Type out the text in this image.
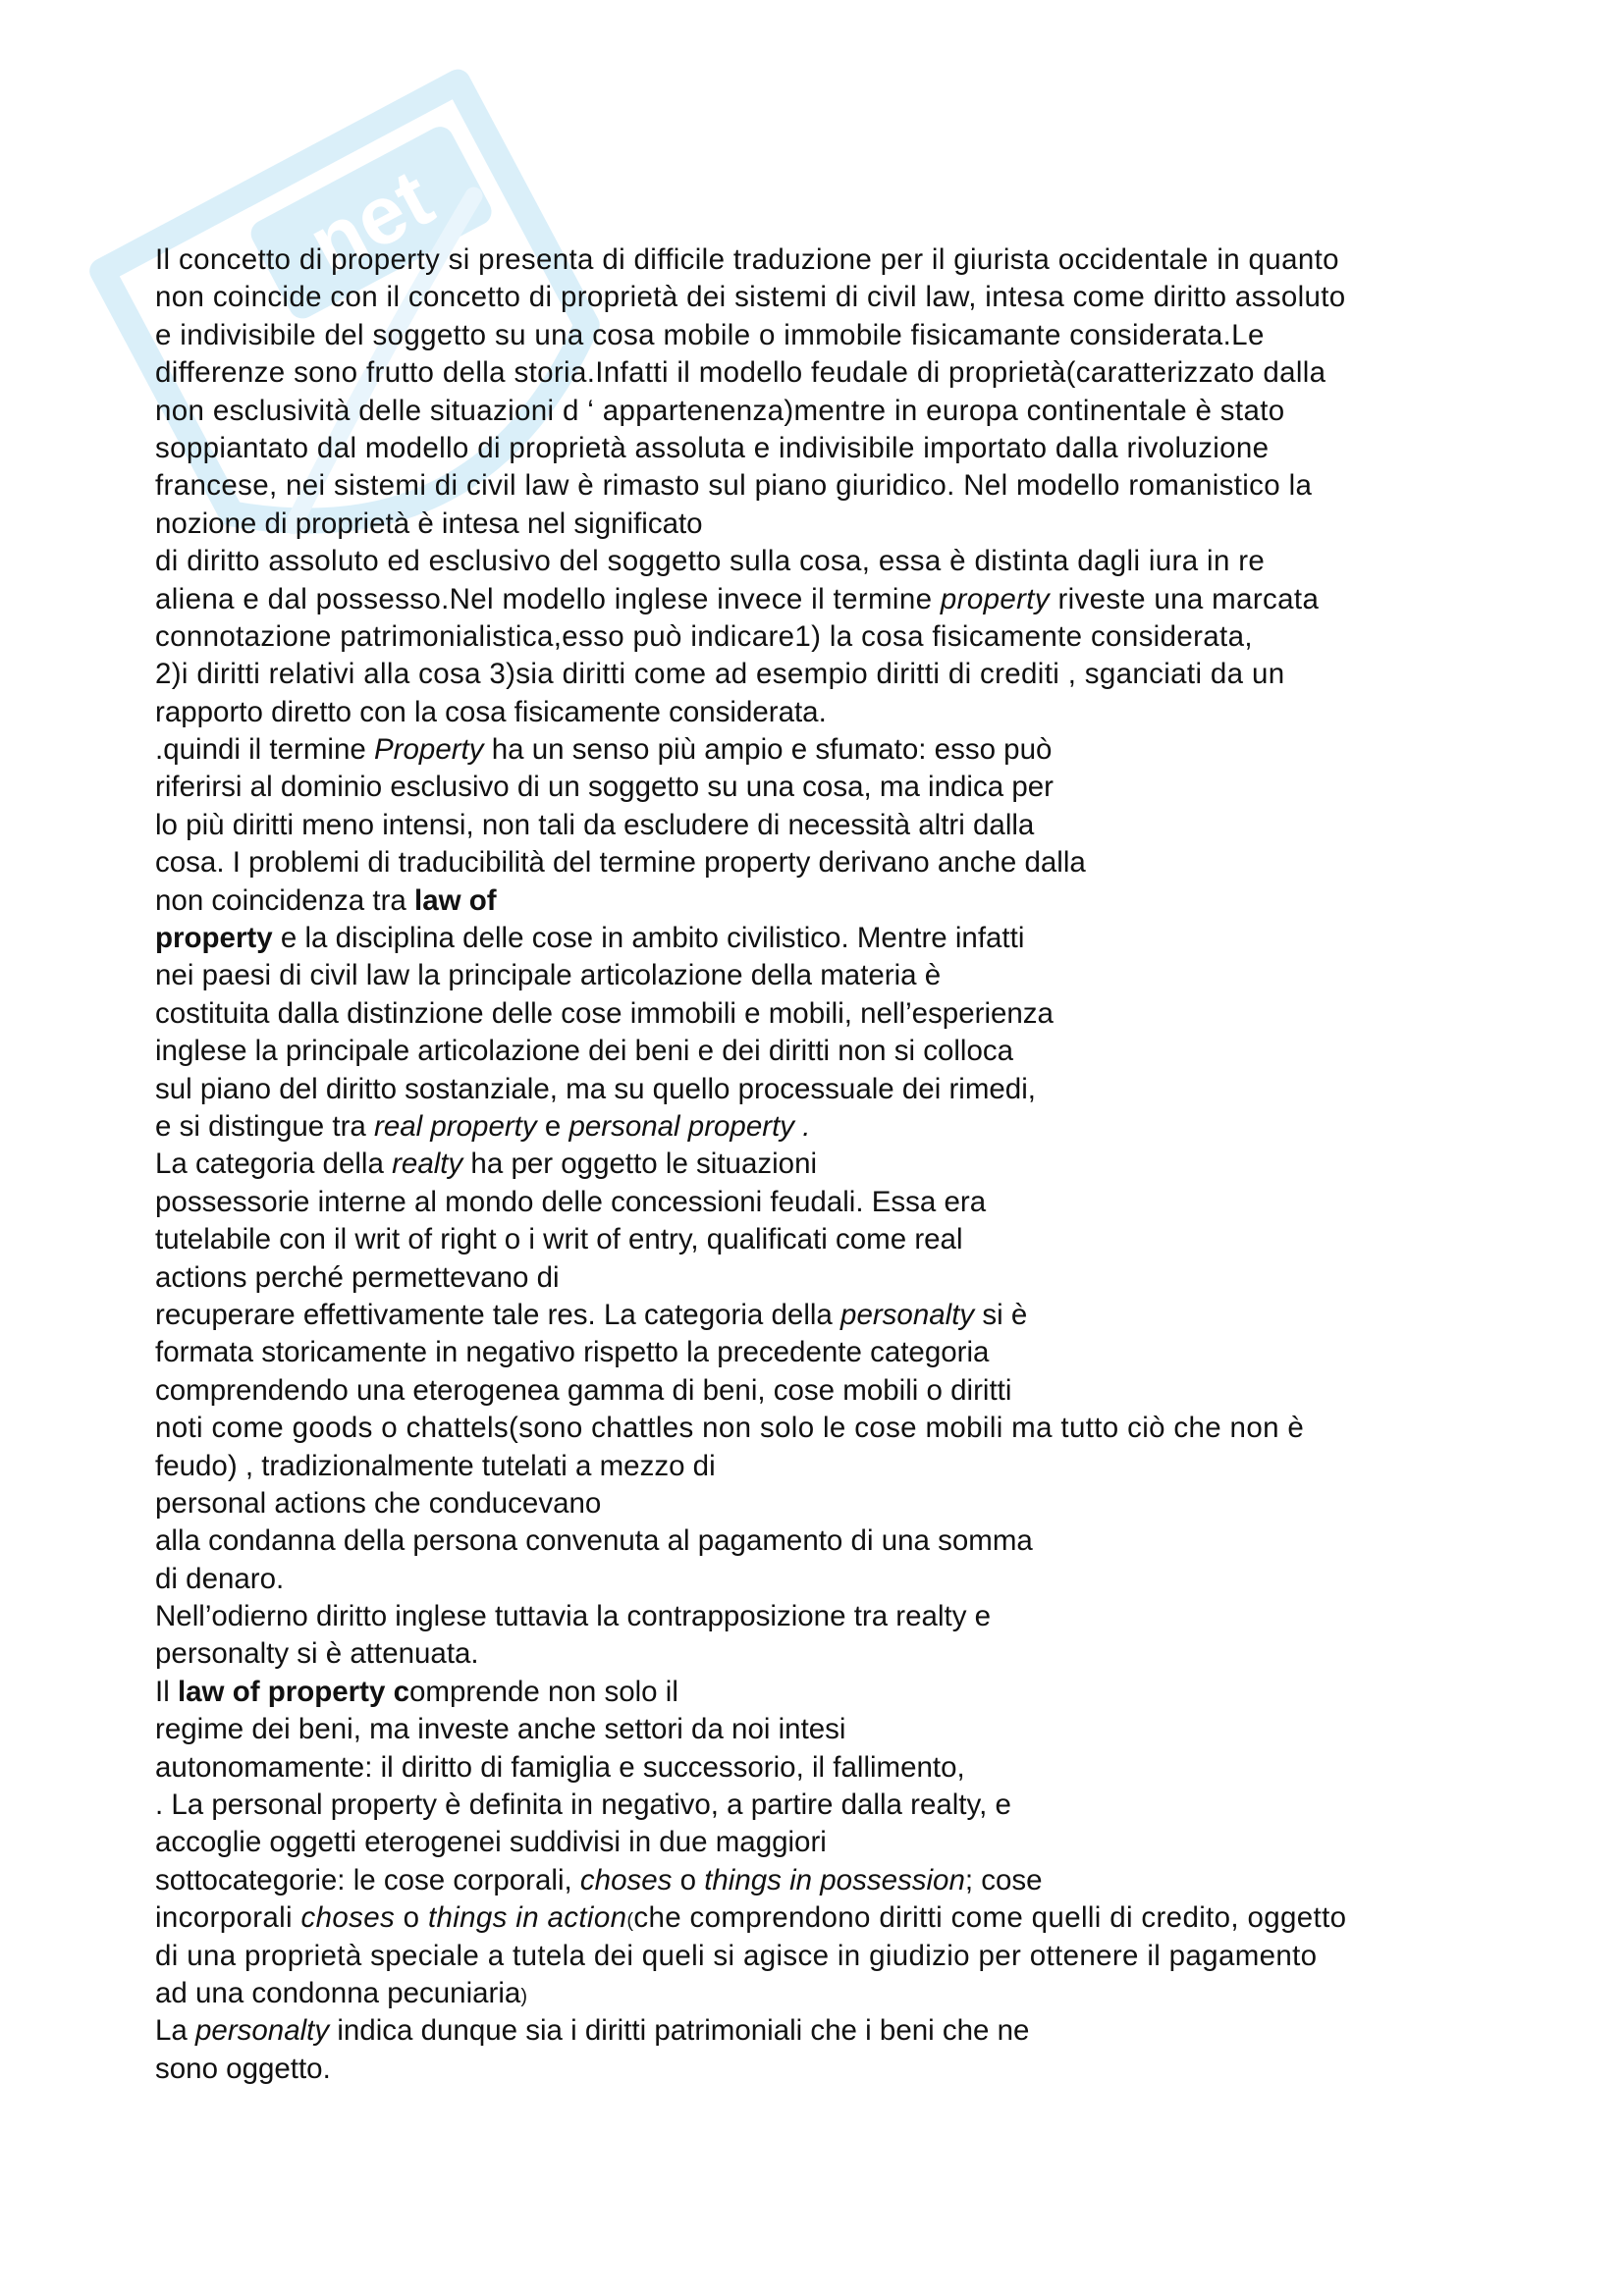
net
Il concetto di property si presenta di difficile traduzione per il giurista occidentale in quanto
non coincide con il concetto di proprietà dei sistemi di civil law, intesa come diritto assoluto
e indivisibile del soggetto su una cosa mobile o immobile fisicamante considerata.Le
differenze sono frutto della storia.Infatti il modello feudale di proprietà(caratterizzato dalla
non esclusività delle situazioni d ‘ appartenenza)mentre in europa continentale è stato
soppiantato dal modello di proprietà assoluta e indivisibile importato dalla rivoluzione
francese, nei sistemi di civil law è rimasto sul piano giuridico. Nel modello romanistico la
nozione di proprietà è intesa nel significato
di diritto assoluto ed esclusivo del soggetto sulla cosa, essa è distinta dagli iura in re
aliena e dal possesso.Nel modello inglese invece il termine property riveste una marcata
connotazione patrimonialistica,esso può indicare1) la cosa fisicamente considerata,
2)i diritti relativi alla cosa 3)sia diritti come ad esempio diritti di crediti , sganciati da un
rapporto diretto con la cosa fisicamente considerata.
.quindi il termine Property ha un senso più ampio e sfumato: esso può
riferirsi al dominio esclusivo di un soggetto su una cosa, ma indica per
lo più diritti meno intensi, non tali da escludere di necessità altri dalla
cosa. I problemi di traducibilità del termine property derivano anche dalla
non coincidenza tra law of
property e la disciplina delle cose in ambito civilistico. Mentre infatti
nei paesi di civil law la principale articolazione della materia è
costituita dalla distinzione delle cose immobili e mobili, nell’esperienza
inglese la principale articolazione dei beni e dei diritti non si colloca
sul piano del diritto sostanziale, ma su quello processuale dei rimedi,
e si distingue tra real property e personal property .
La categoria della realty ha per oggetto le situazioni
possessorie interne al mondo delle concessioni feudali. Essa era
tutelabile con il writ of right o i writ of entry, qualificati come real
actions perché permettevano di
recuperare effettivamente tale res. La categoria della personalty si è
formata storicamente in negativo rispetto la precedente categoria
comprendendo una eterogenea gamma di beni, cose mobili o diritti
noti come goods o chattels(sono chattles non solo le cose mobili ma tutto ciò che non è
feudo) , tradizionalmente tutelati a mezzo di
personal actions che conducevano
alla condanna della persona convenuta al pagamento di una somma
di denaro.
Nell’odierno diritto inglese tuttavia la contrapposizione tra realty e
personalty si è attenuata.
Il law of property comprende non solo il
regime dei beni, ma investe anche settori da noi intesi
autonomamente: il diritto di famiglia e successorio, il fallimento,
. La personal property è definita in negativo, a partire dalla realty, e
accoglie oggetti eterogenei suddivisi in due maggiori
sottocategorie: le cose corporali, choses o things in possession; cose
incorporali choses o things in action(che comprendono diritti come quelli di credito, oggetto
di una proprietà speciale a tutela dei queli si agisce in giudizio per ottenere il pagamento
ad una condonna pecuniaria)
La personalty indica dunque sia i diritti patrimoniali che i beni che ne
sono oggetto.
